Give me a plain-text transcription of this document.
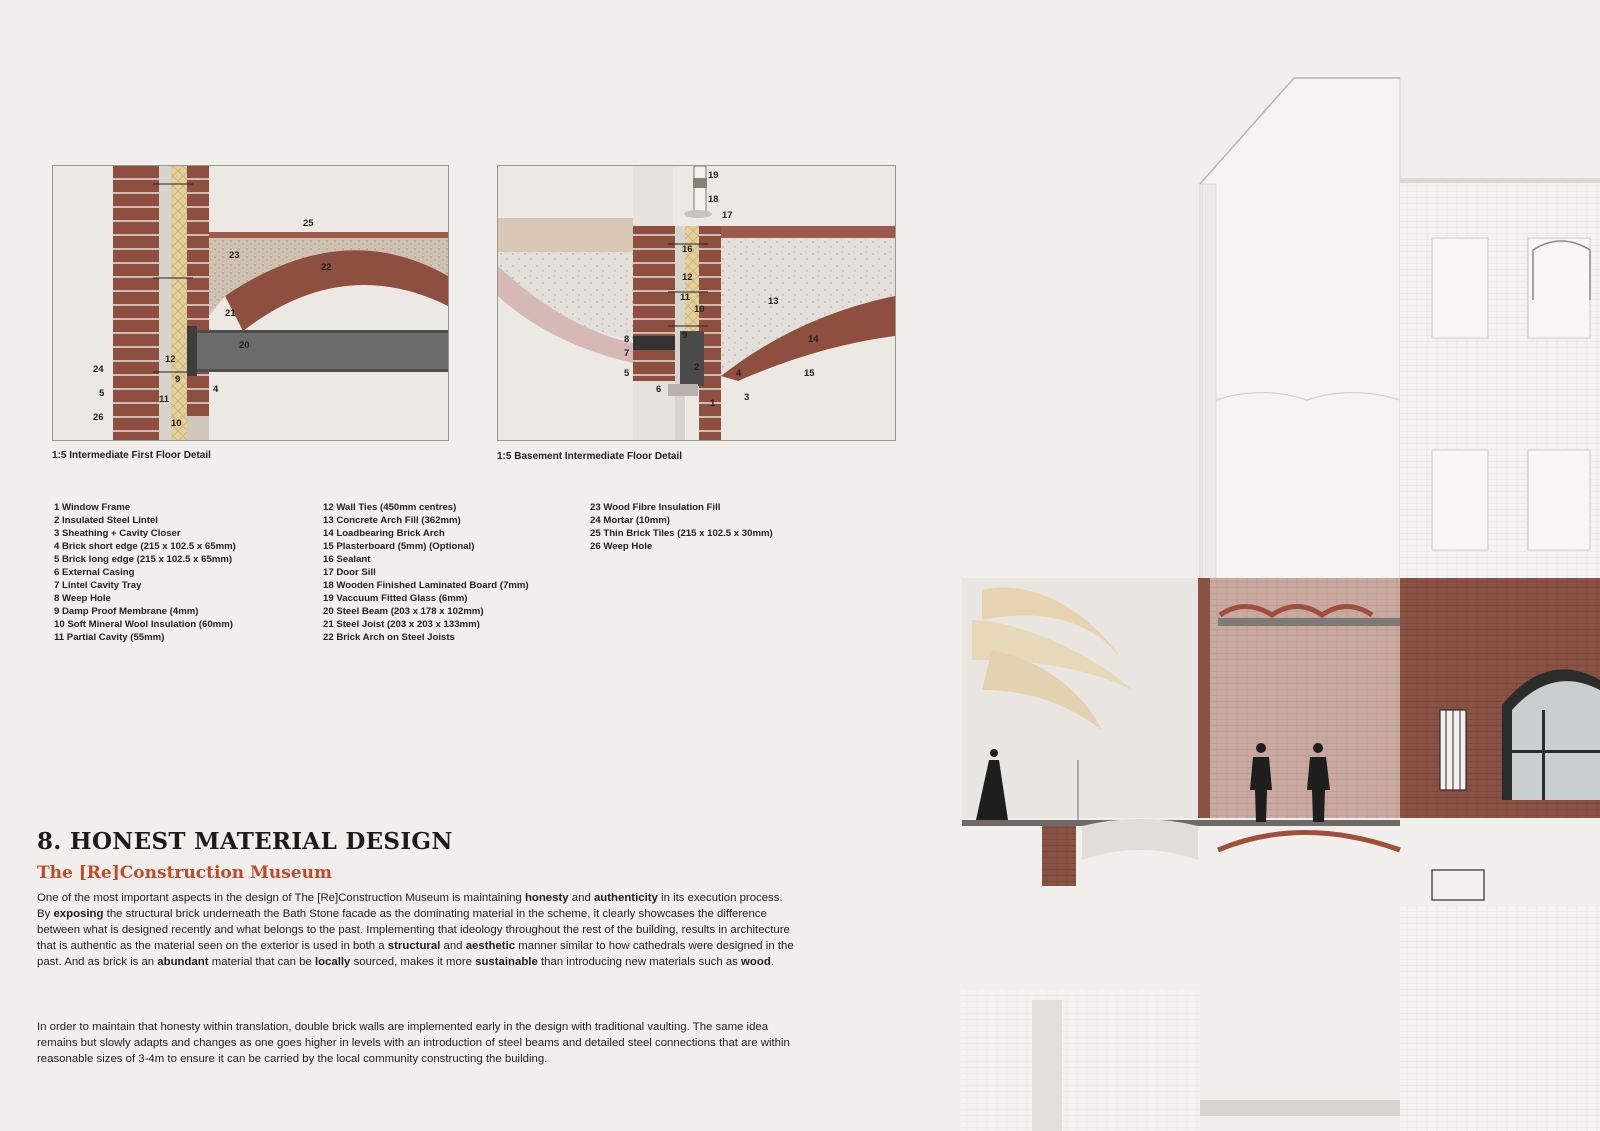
25
23
22
21
20
12
24
9
4
5
11
26
10
1:5 Intermediate First Floor Detail
19
18
17
16
12
13
11
10
9
8
7
2
14
5	4	15
6
3
1
1:5 Basement Intermediate Floor Detail
1 Window Frame
2 Insulated Steel Lintel
3 Sheathing + Cavity Closer
4 Brick short edge (215 x 102.5 x 65mm)
5 Brick long edge (215 x 102.5 x 65mm)
6 External Casing
7 Lintel Cavity Tray
8 Weep Hole
9 Damp Proof Membrane (4mm)
10 Soft Mineral Wool Insulation (60mm)
11 Partial Cavity (55mm)
12 Wall Ties (450mm centres)
13 Concrete Arch Fill (362mm)
14 Loadbearing Brick Arch
15 Plasterboard (5mm) (Optional)
16 Sealant
17 Door Sill
18 Wooden Finished Laminated Board (7mm)
19 Vaccuum Fitted Glass (6mm)
20 Steel Beam (203 x 178 x 102mm)
21 Steel Joist (203 x 203 x 133mm)
22 Brick Arch on Steel Joists
23 Wood Fibre Insulation Fill
24 Mortar (10mm)
25 Thin Brick Tiles (215 x 102.5 x 30mm)
26 Weep Hole
8. HONEST MATERIAL DESIGN
The [Re]Construction Museum

One of the most important aspects in the design of The [Re]Construction Museum is maintaining honesty and authenticity in its execution process. By exposing the structural brick underneath the Bath Stone facade as the dominating material in the scheme, it clearly showcases the difference between what is designed recently and what belongs to the past. Implementing that ideology throughout the rest of the building, results in architecture that is authentic as the material seen on the exterior is used in both a structural and aesthetic manner similar to how cathedrals were designed in the past. And as brick is an abundant material that can be locally sourced, makes it more sustainable than introducing new materials such as wood.

In order to maintain that honesty within translation, double brick walls are implemented early in the design with traditional vaulting. The same idea remains but slowly adapts and changes as one goes higher in levels with an introduction of steel beams and detailed steel connections that are within reasonable sizes of 3-4m to ensure it can be carried by the local community constructing the building.
